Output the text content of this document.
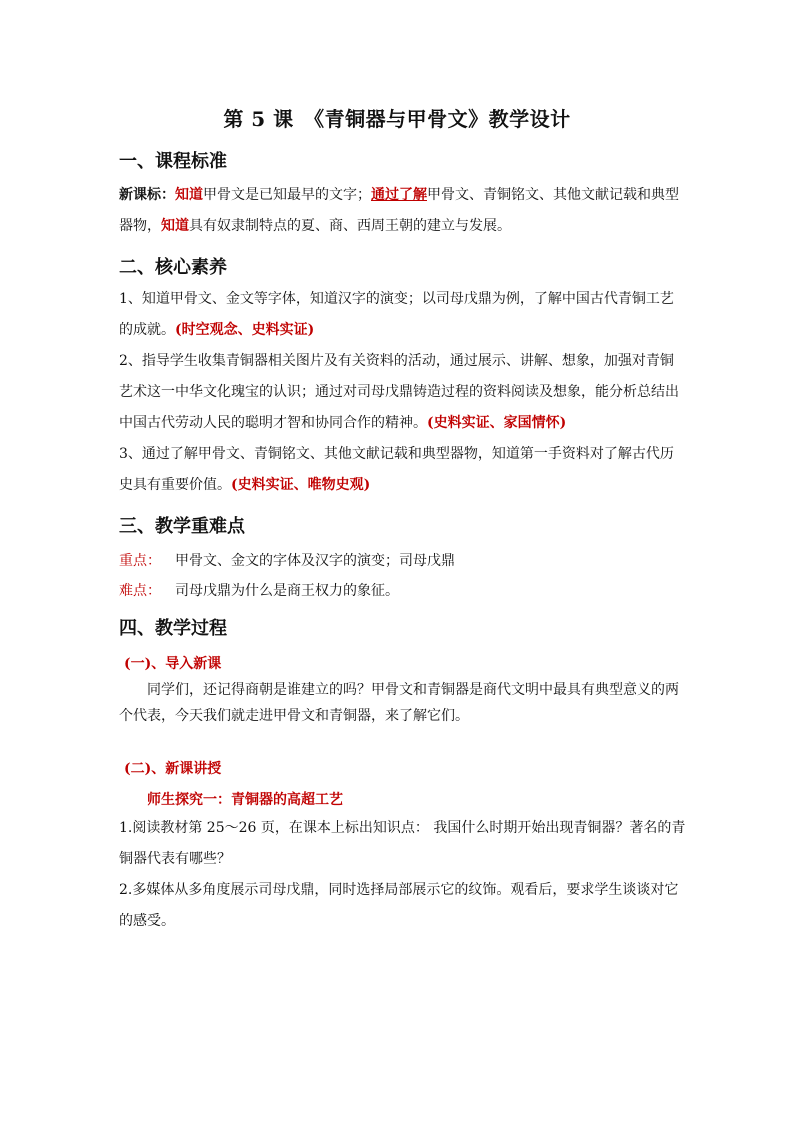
第 5 课　《青铜器与甲骨文》教学设计
一、课程标准
新课标：知道甲骨文是已知最早的文字；通过了解甲骨文、青铜铭文、其他文献记载和典型
器物，知道具有奴隶制特点的夏、商、西周王朝的建立与发展。
二、核心素养
1、知道甲骨文、金文等字体，知道汉字的演变；以司母戊鼎为例，了解中国古代青铜工艺
的成就。(时空观念、史料实证)
2、指导学生收集青铜器相关图片及有关资料的活动，通过展示、讲解、想象，加强对青铜
艺术这一中华文化瑰宝的认识；通过对司母戊鼎铸造过程的资料阅读及想象，能分析总结出
中国古代劳动人民的聪明才智和协同合作的精神。(史料实证、家国情怀)
3、通过了解甲骨文、青铜铭文、其他文献记载和典型器物，知道第一手资料对了解古代历
史具有重要价值。(史料实证、唯物史观)
三、教学重难点
重点： 甲骨文、金文的字体及汉字的演变；司母戊鼎
难点： 司母戊鼎为什么是商王权力的象征。
四、教学过程
(一)、导入新课
　　同学们，还记得商朝是谁建立的吗？甲骨文和青铜器是商代文明中最具有典型意义的两
个代表，今天我们就走进甲骨文和青铜器，来了解它们。
(二)、新课讲授
师生探究一：青铜器的高超工艺
1.阅读教材第 25～26 页，在课本上标出知识点： 我国什么时期开始出现青铜器？著名的青
铜器代表有哪些？
2.多媒体从多角度展示司母戊鼎，同时选择局部展示它的纹饰。观看后，要求学生谈谈对它
的感受。
